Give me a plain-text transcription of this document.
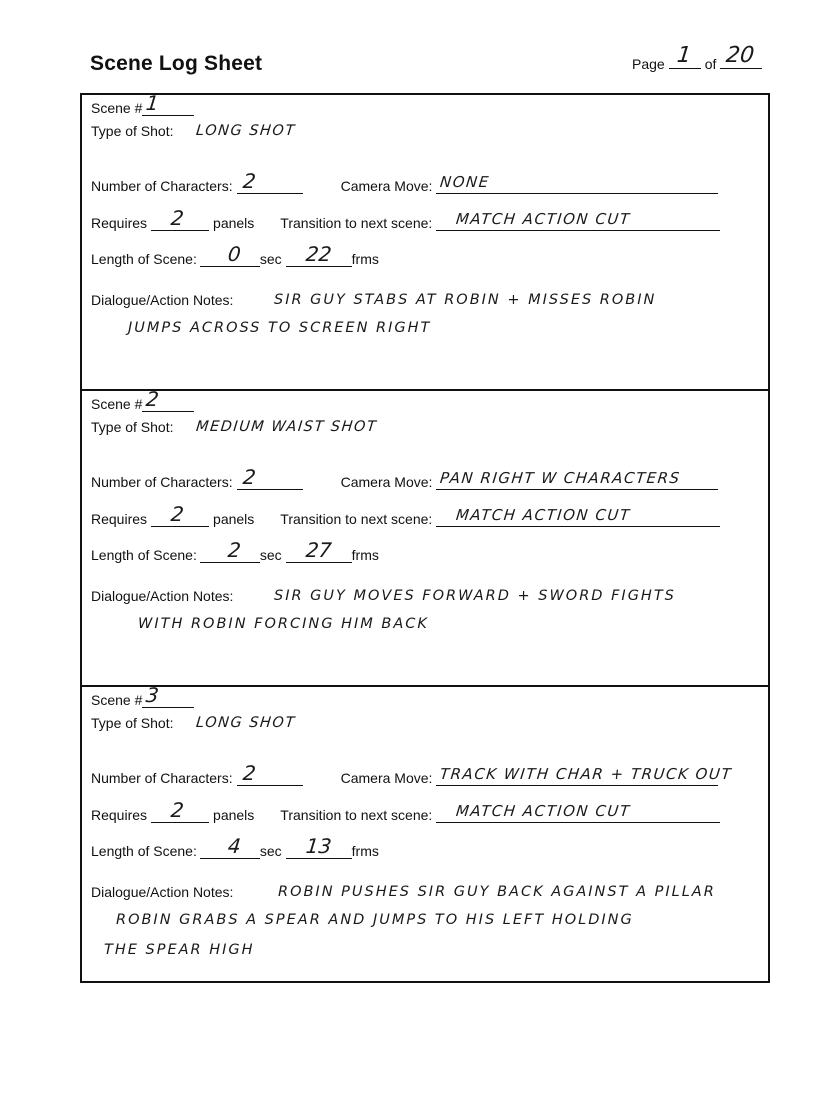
Scene Log Sheet	Page 1 of 20
Scene # 1
Type of Shot: LONG SHOT
Number of Characters: 2	Camera Move: NONE
Requires 2 panels Transition to next scene: MATCH ACTION CUT
Length of Scene: 0 sec 22 frms
Dialogue/Action Notes:	SIR GUY STABS AT ROBIN + MISSES ROBIN
JUMPS ACROSS TO SCREEN RIGHT
Scene # 2
Type of Shot: MEDIUM WAIST SHOT
Number of Characters: 2	Camera Move: PAN RIGHT W CHARACTERS
Requires 2 panels Transition to next scene: MATCH ACTION CUT
Length of Scene: 2 sec 27 frms
Dialogue/Action Notes:	SIR GUY MOVES FORWARD + SWORD FIGHTS
WITH ROBIN FORCING HIM BACK
Scene # 3
Type of Shot: LONG SHOT
Number of Characters: 2	Camera Move: TRACK WITH CHAR + TRUCK OUT
Requires 2 panels Transition to next scene: MATCH ACTION CUT
Length of Scene: 4 sec 13 frms
Dialogue/Action Notes:	ROBIN PUSHES SIR GUY BACK AGAINST A PILLAR
ROBIN GRABS A SPEAR AND JUMPS TO HIS LEFT HOLDING
THE SPEAR HIGH
